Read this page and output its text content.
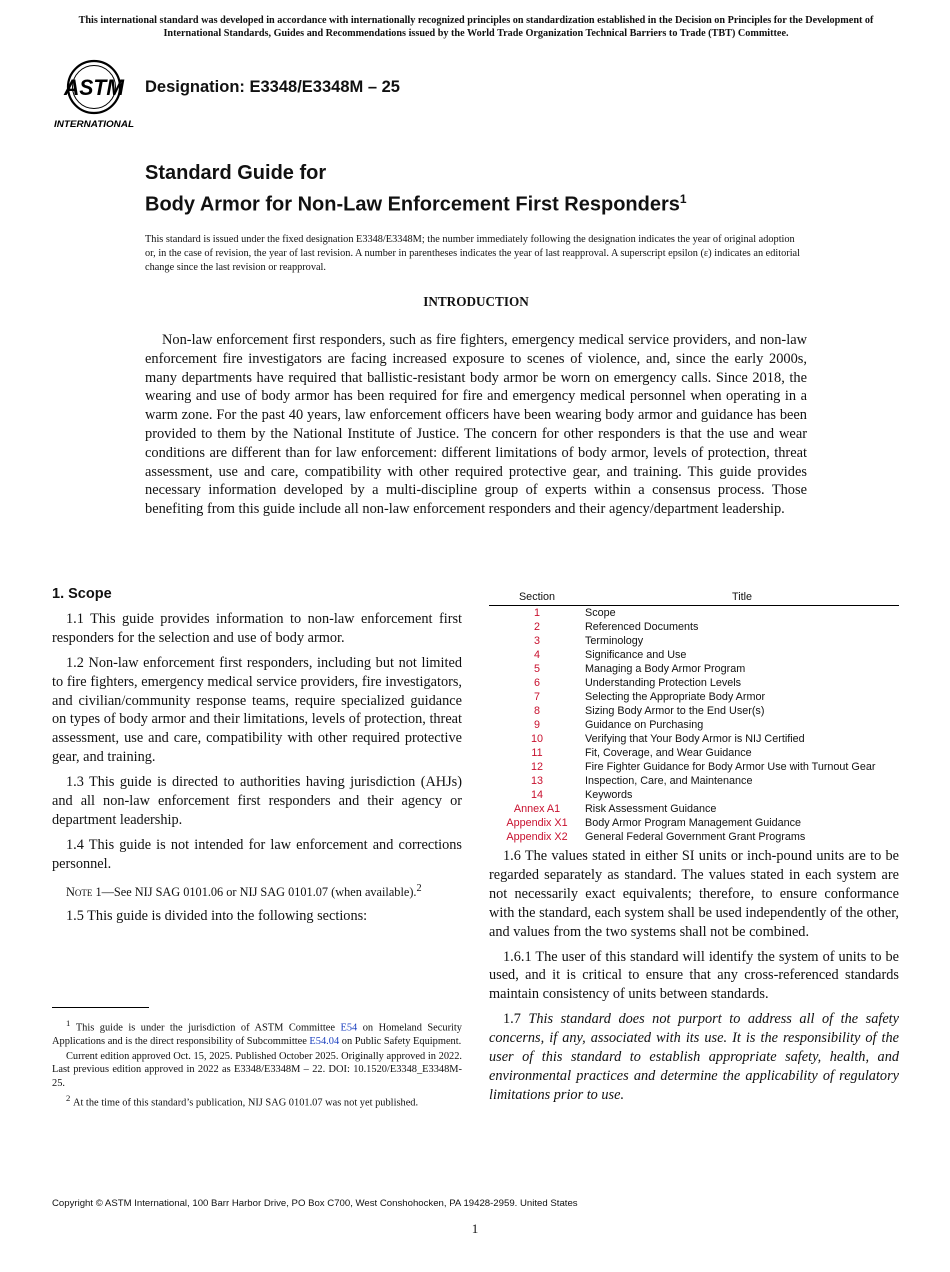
This international standard was developed in accordance with internationally recognized principles on standardization established in the Decision on Principles for the Development of International Standards, Guides and Recommendations issued by the World Trade Organization Technical Barriers to Trade (TBT) Committee.
ASTM
INTERNATIONAL
Designation: E3348/E3348M – 25
Standard Guide for
Body Armor for Non-Law Enforcement First Responders$^1$
This standard is issued under the fixed designation E3348/E3348M; the number immediately following the designation indicates the year of original adoption or, in the case of revision, the year of last revision. A number in parentheses indicates the year of last reapproval. A superscript epsilon (ε) indicates an editorial change since the last revision or reapproval.
INTRODUCTION
Non-law enforcement first responders, such as fire fighters, emergency medical service providers, and non-law enforcement fire investigators are facing increased exposure to scenes of violence, and, since the early 2000s, many departments have required that ballistic-resistant body armor be worn on emergency calls. Since 2018, the wearing and use of body armor has been required for fire and emergency medical personnel when operating in a warm zone. For the past 40 years, law enforcement officers have been wearing body armor and guidance has been provided to them by the National Institute of Justice. The concern for other responders is that the use and wear conditions are different than for law enforcement: different limitations of body armor, levels of protection, threat assessment, use and care, compatibility with other required protective gear, and training. This guide provides necessary information developed by a multi-discipline group of experts within a consensus process. Those benefiting from this guide include all non-law enforcement responders and their agency/department leadership.

1. Scope

1.1 This guide provides information to non-law enforcement first responders for the selection and use of body armor.

1.2 Non-law enforcement first responders, including but not limited to fire fighters, emergency medical service providers, fire investigators, and civilian/community response teams, require specialized guidance on types of body armor and their limitations, levels of protection, threat assessment, use and care, compatibility with other required protective gear, and training.

1.3 This guide is directed to authorities having jurisdiction (AHJs) and all non-law enforcement first responders and their agency or department leadership.

1.4 This guide is not intended for law enforcement and corrections personnel.

Note 1—See NIJ SAG 0101.06 or NIJ SAG 0101.07 (when available).$^2$

1.5 This guide is divided into the following sections:

$^1$ This guide is under the jurisdiction of ASTM Committee E54 on Homeland Security Applications and is the direct responsibility of Subcommittee E54.04 on Public Safety Equipment.

Current edition approved Oct. 15, 2025. Published October 2025. Originally approved in 2022. Last previous edition approved in 2022 as E3348/E3348M – 22. DOI: 10.1520/E3348_E3348M-25.

$^2$ At the time of this standard’s publication, NIJ SAG 0101.07 was not yet published.

Section	Title
1	Scope
2	Referenced Documents
3	Terminology
4	Significance and Use
5	Managing a Body Armor Program
6	Understanding Protection Levels
7	Selecting the Appropriate Body Armor
8	Sizing Body Armor to the End User(s)
9	Guidance on Purchasing
10	Verifying that Your Body Armor is NIJ Certified
11	Fit, Coverage, and Wear Guidance
12	Fire Fighter Guidance for Body Armor Use with Turnout Gear
13	Inspection, Care, and Maintenance
14	Keywords
Annex A1	Risk Assessment Guidance
Appendix X1	Body Armor Program Management Guidance
Appendix X2	General Federal Government Grant Programs

1.6 The values stated in either SI units or inch-pound units are to be regarded separately as standard. The values stated in each system are not necessarily exact equivalents; therefore, to ensure conformance with the standard, each system shall be used independently of the other, and values from the two systems shall not be combined.

1.6.1 The user of this standard will identify the system of units to be used, and it is critical to ensure that any cross-referenced standards maintain consistency of units between standards.

1.7 This standard does not purport to address all of the safety concerns, if any, associated with its use. It is the responsibility of the user of this standard to establish appropriate safety, health, and environmental practices and determine the applicability of regulatory limitations prior to use.

Copyright © ASTM International, 100 Barr Harbor Drive, PO Box C700, West Conshohocken, PA 19428-2959. United States
1
